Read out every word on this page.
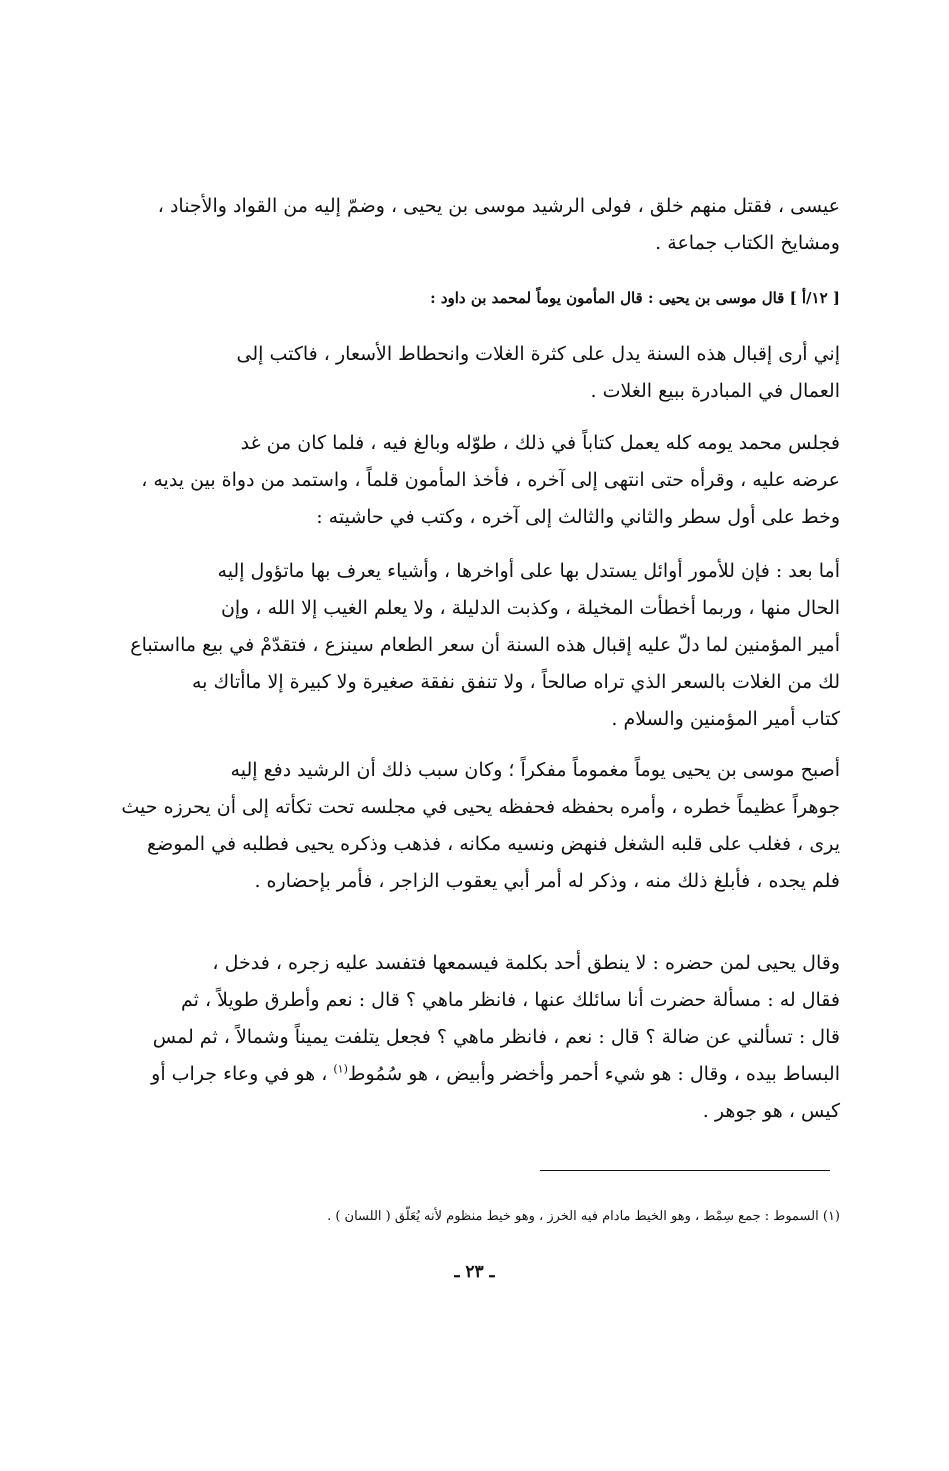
عيسى ، فقتل منهم خلق ، فولى الرشيد موسى بن يحيى ، وضمّ إليه من القواد والأجناد ،
ومشايخ الكتاب جماعة .
[ ١٢/أ ] قال موسى بن يحيى : قال المأمون يوماً لمحمد بن داود :
إني أرى إقبال هذه السنة يدل على كثرة الغلات وانحطاط الأسعار ، فاكتب إلى
العمال في المبادرة ببيع الغلات .
فجلس محمد يومه كله يعمل كتاباً في ذلك ، طوّله وبالغ فيه ، فلما كان من غد
عرضه عليه ، وقرأه حتى انتهى إلى آخره ، فأخذ المأمون قلماً ، واستمد من دواة بين يديه ،
وخط على أول سطر والثاني والثالث إلى آخره ، وكتب في حاشيته :
أما بعد : فإن للأمور أوائل يستدل بها على أواخرها ، وأشياء يعرف بها ماتؤول إليه
الحال منها ، وربما أخطأت المخيلة ، وكذبت الدليلة ، ولا يعلم الغيب إلا الله ، وإن
أمير المؤمنين لما دلّ عليه إقبال هذه السنة أن سعر الطعام سينزع ، فتقدّمْ في بيع مااستباع
لك من الغلات بالسعر الذي تراه صالحاً ، ولا تنفق نفقة صغيرة ولا كبيرة إلا ماأتاك به
كتاب أمير المؤمنين والسلام .
أصبح موسى بن يحيى يوماً مغموماً مفكراً ؛ وكان سبب ذلك أن الرشيد دفع إليه
جوهراً عظيماً خطره ، وأمره بحفظه فحفظه يحيى في مجلسه تحت تكأته إلى أن يحرزه حيث
يرى ، فغلب على قلبه الشغل فنهض ونسيه مكانه ، فذهب وذكره يحيى فطلبه في الموضع
فلم يجده ، فأبلغ ذلك منه ، وذكر له أمر أبي يعقوب الزاجر ، فأمر بإحضاره .
وقال يحيى لمن حضره : لا ينطق أحد بكلمة فيسمعها فتفسد عليه زجره ، فدخل ،
فقال له : مسألة حضرت أنا سائلك عنها ، فانظر ماهي ؟ قال : نعم وأطرق طويلاً ، ثم
قال : تسألني عن ضالة ؟ قال : نعم ، فانظر ماهي ؟ فجعل يتلفت يميناً وشمالاً ، ثم لمس
البساط بيده ، وقال : هو شيء أحمر وأخضر وأبيض ، هو سُمُوط$^{(١)}$ ، هو في وعاء جراب أو
كيس ، هو جوهر .
(١) السموط : جمع سِمْط ، وهو الخيط مادام فيه الخرز ، وهو خيط منظوم لأنه يُعَلّق ( اللسان ) .
ـ ٢٣ ـ
